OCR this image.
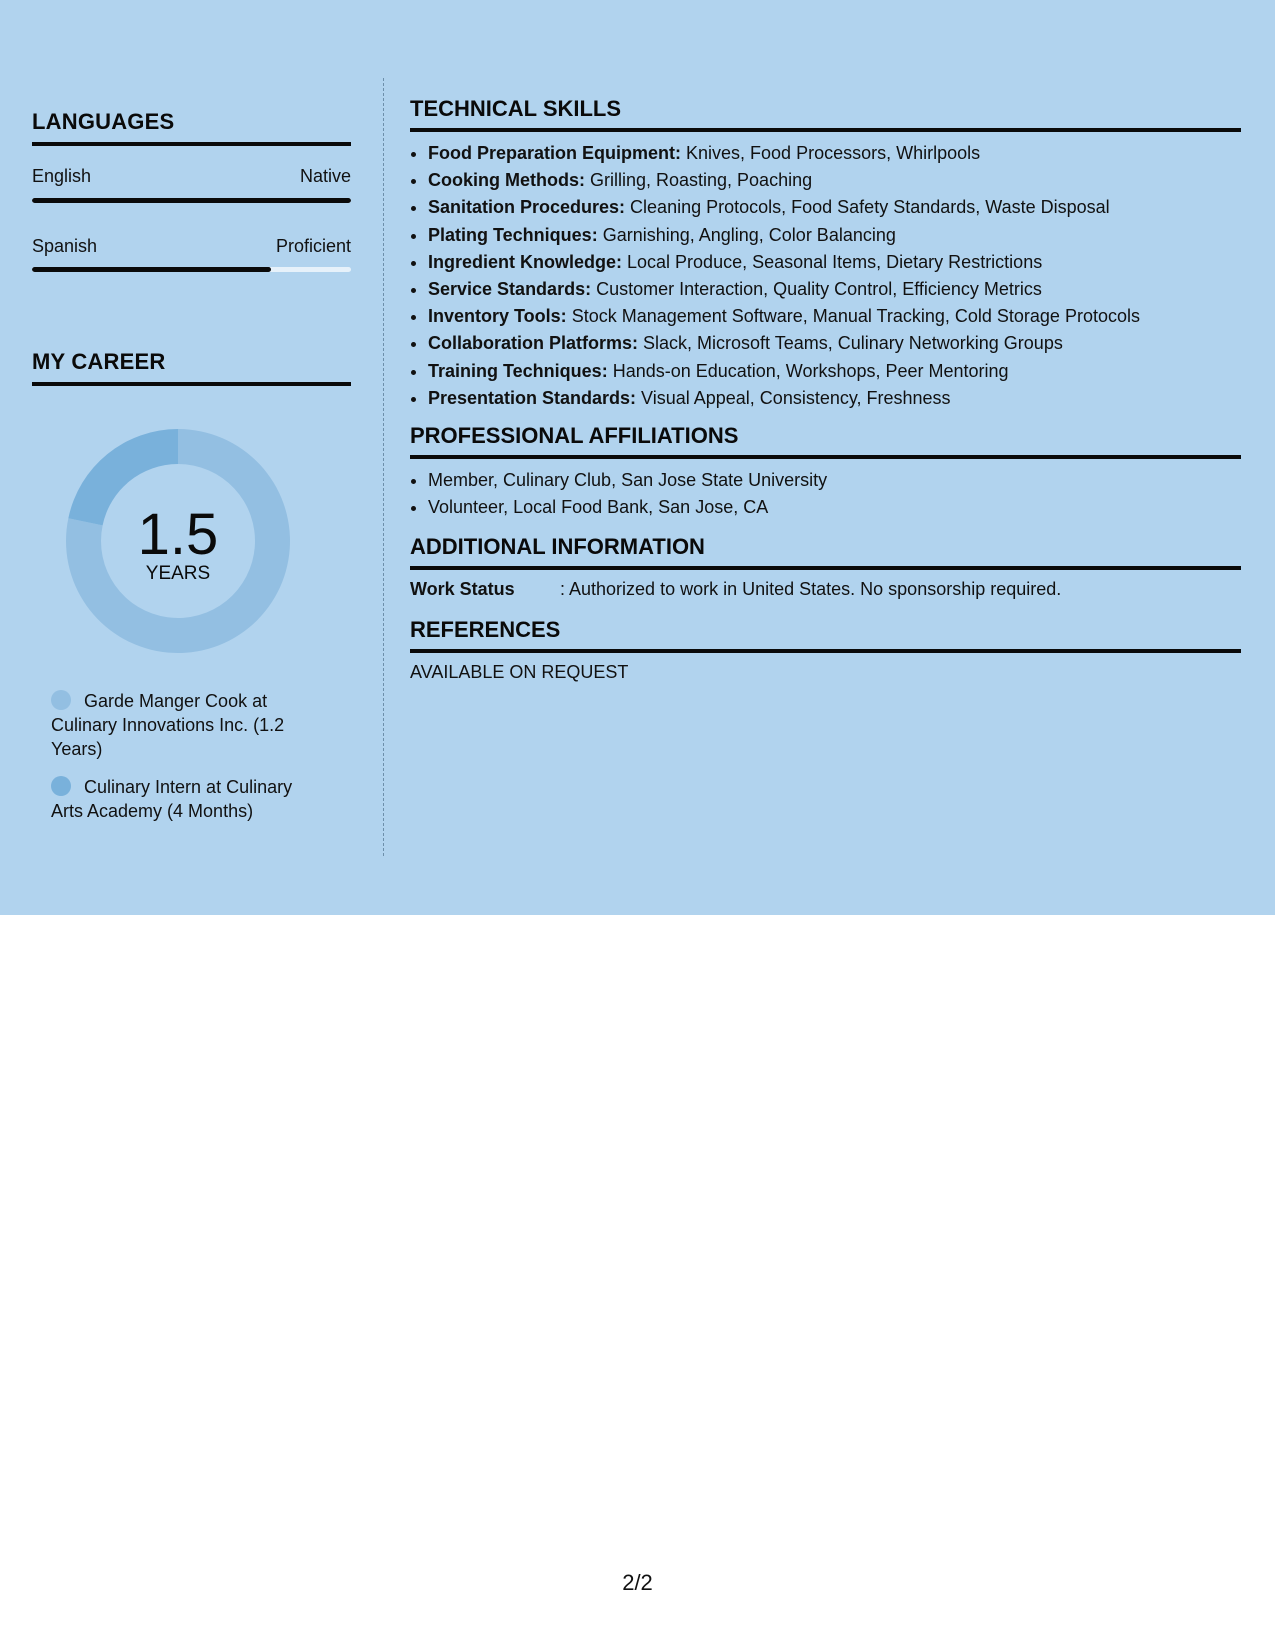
LANGUAGES
English	Native
Spanish	Proficient
MY CAREER
1.5
YEARS
Garde Manger Cook at Culinary Innovations Inc. (1.2 Years)
Culinary Intern at Culinary Arts Academy (4 Months)
TECHNICAL SKILLS
• Food Preparation Equipment: Knives, Food Processors, Whirlpools
• Cooking Methods: Grilling, Roasting, Poaching
• Sanitation Procedures: Cleaning Protocols, Food Safety Standards, Waste Disposal
• Plating Techniques: Garnishing, Angling, Color Balancing
• Ingredient Knowledge: Local Produce, Seasonal Items, Dietary Restrictions
• Service Standards: Customer Interaction, Quality Control, Efficiency Metrics
• Inventory Tools: Stock Management Software, Manual Tracking, Cold Storage Protocols
• Collaboration Platforms: Slack, Microsoft Teams, Culinary Networking Groups
• Training Techniques: Hands-on Education, Workshops, Peer Mentoring
• Presentation Standards: Visual Appeal, Consistency, Freshness
PROFESSIONAL AFFILIATIONS
• Member, Culinary Club, San Jose State University
• Volunteer, Local Food Bank, San Jose, CA
ADDITIONAL INFORMATION
Work Status	: Authorized to work in United States. No sponsorship required.
REFERENCES
AVAILABLE ON REQUEST
2/2
